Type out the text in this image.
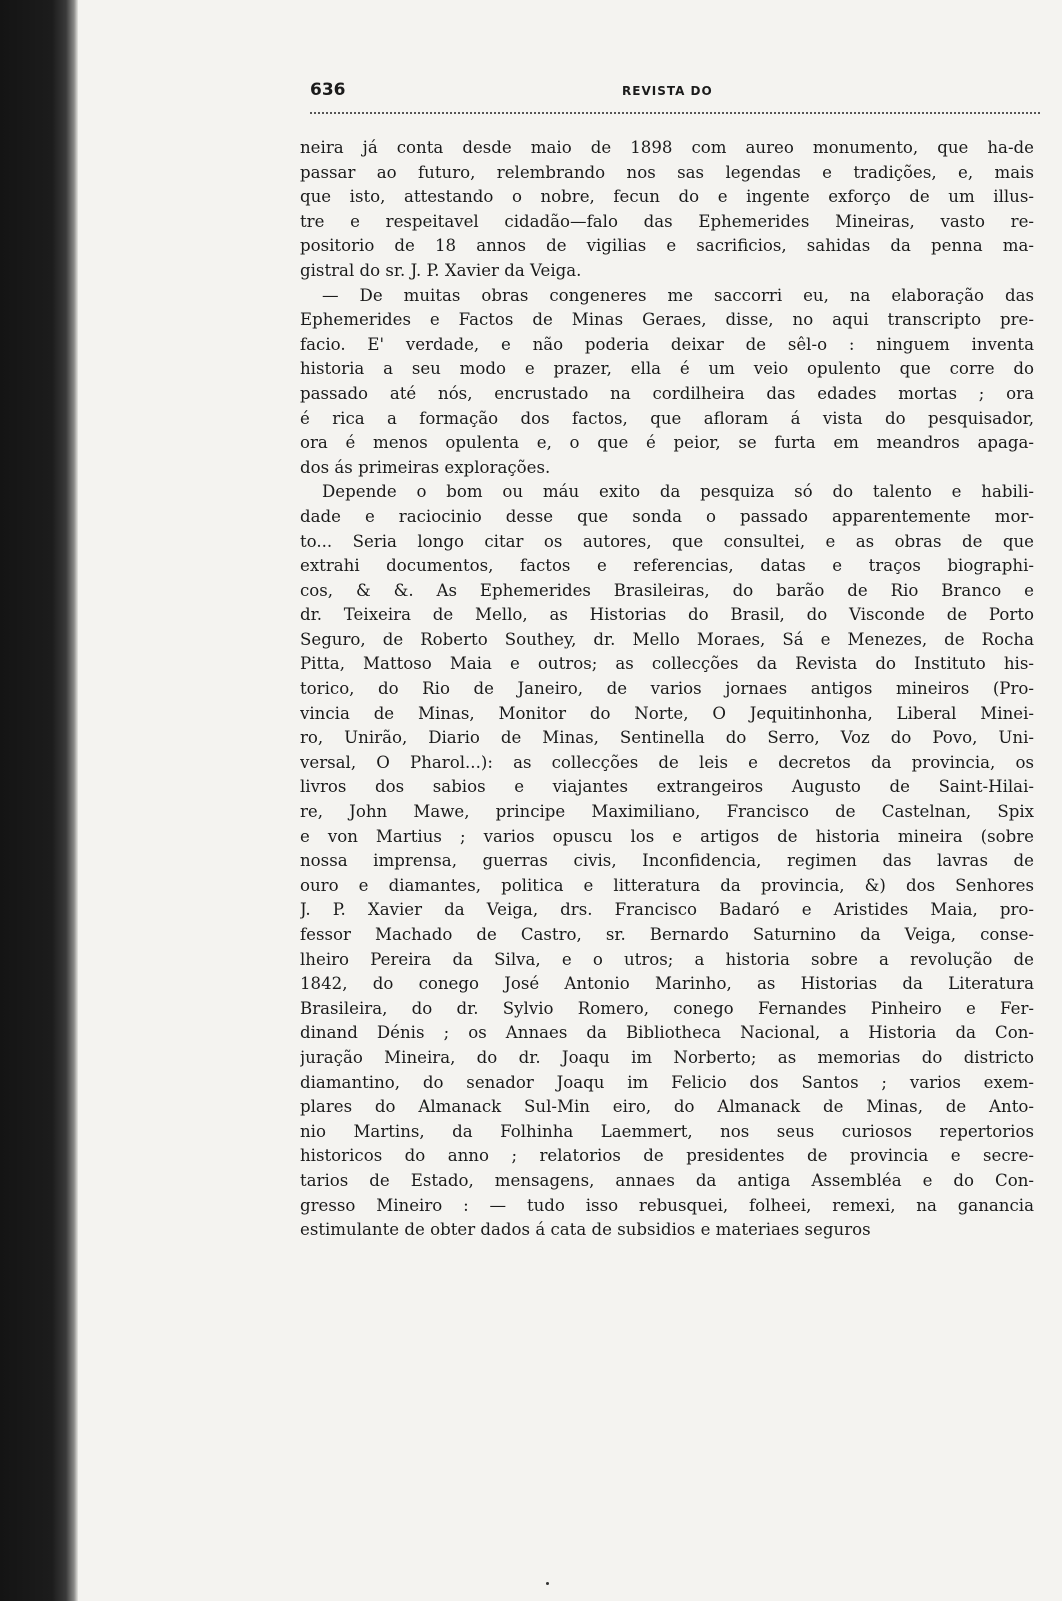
636	REVISTA DO
neira já conta desde maio de 1898 com aureo monumento, que ha-de
passar ao futuro, relembrando nos sas legendas e tradições, e, mais
que isto, attestando o nobre, fecun do e ingente exforço de um illus-
tre e respeitavel cidadão—falo das Ephemerides Mineiras, vasto re-
positorio de 18 annos de vigilias e sacrificios, sahidas da penna ma-
gistral do sr. J. P. Xavier da Veiga.
— De muitas obras congeneres me saccorri eu, na elaboração das
Ephemerides e Factos de Minas Geraes, disse, no aqui transcripto pre-
facio. E' verdade, e não poderia deixar de sêl-o : ninguem inventa
historia a seu modo e prazer, ella é um veio opulento que corre do
passado até nós, encrustado na cordilheira das edades mortas ; ora
é rica a formação dos factos, que afloram á vista do pesquisador,
ora é menos opulenta e, o que é peior, se furta em meandros apaga-
dos ás primeiras explorações.
Depende o bom ou máu exito da pesquiza só do talento e habili-
dade e raciocinio desse que sonda o passado apparentemente mor-
to... Seria longo citar os autores, que consultei, e as obras de que
extrahi documentos, factos e referencias, datas e traços biographi-
cos, & &. As Ephemerides Brasileiras, do barão de Rio Branco e
dr. Teixeira de Mello, as Historias do Brasil, do Visconde de Porto
Seguro, de Roberto Southey, dr. Mello Moraes, Sá e Menezes, de Rocha
Pitta, Mattoso Maia e outros; as collecções da Revista do Instituto his-
torico, do Rio de Janeiro, de varios jornaes antigos mineiros (Pro-
vincia de Minas, Monitor do Norte, O Jequitinhonha, Liberal Minei-
ro, Unirão, Diario de Minas, Sentinella do Serro, Voz do Povo, Uni-
versal, O Pharol...): as collecções de leis e decretos da provincia, os
livros dos sabios e viajantes extrangeiros Augusto de Saint-Hilai-
re, John Mawe, principe Maximiliano, Francisco de Castelnan, Spix
e von Martius ; varios opuscu los e artigos de historia mineira (sobre
nossa imprensa, guerras civis, Inconfidencia, regimen das lavras de
ouro e diamantes, politica e litteratura da provincia, &) dos Senhores
J. P. Xavier da Veiga, drs. Francisco Badaró e Aristides Maia, pro-
fessor Machado de Castro, sr. Bernardo Saturnino da Veiga, conse-
lheiro Pereira da Silva, e o utros; a historia sobre a revolução de
1842, do conego José Antonio Marinho, as Historias da Literatura
Brasileira, do dr. Sylvio Romero, conego Fernandes Pinheiro e Fer-
dinand Dénis ; os Annaes da Bibliotheca Nacional, a Historia da Con-
juração Mineira, do dr. Joaqu im Norberto; as memorias do districto
diamantino, do senador Joaqu im Felicio dos Santos ; varios exem-
plares do Almanack Sul-Min eiro, do Almanack de Minas, de Anto-
nio Martins, da Folhinha Laemmert, nos seus curiosos repertorios
historicos do anno ; relatorios de presidentes de provincia e secre-
tarios de Estado, mensagens, annaes da antiga Assembléa e do Con-
gresso Mineiro : — tudo isso rebusquei, folheei, remexi, na ganancia
estimulante de obter dados á cata de subsidios e materiaes seguros
